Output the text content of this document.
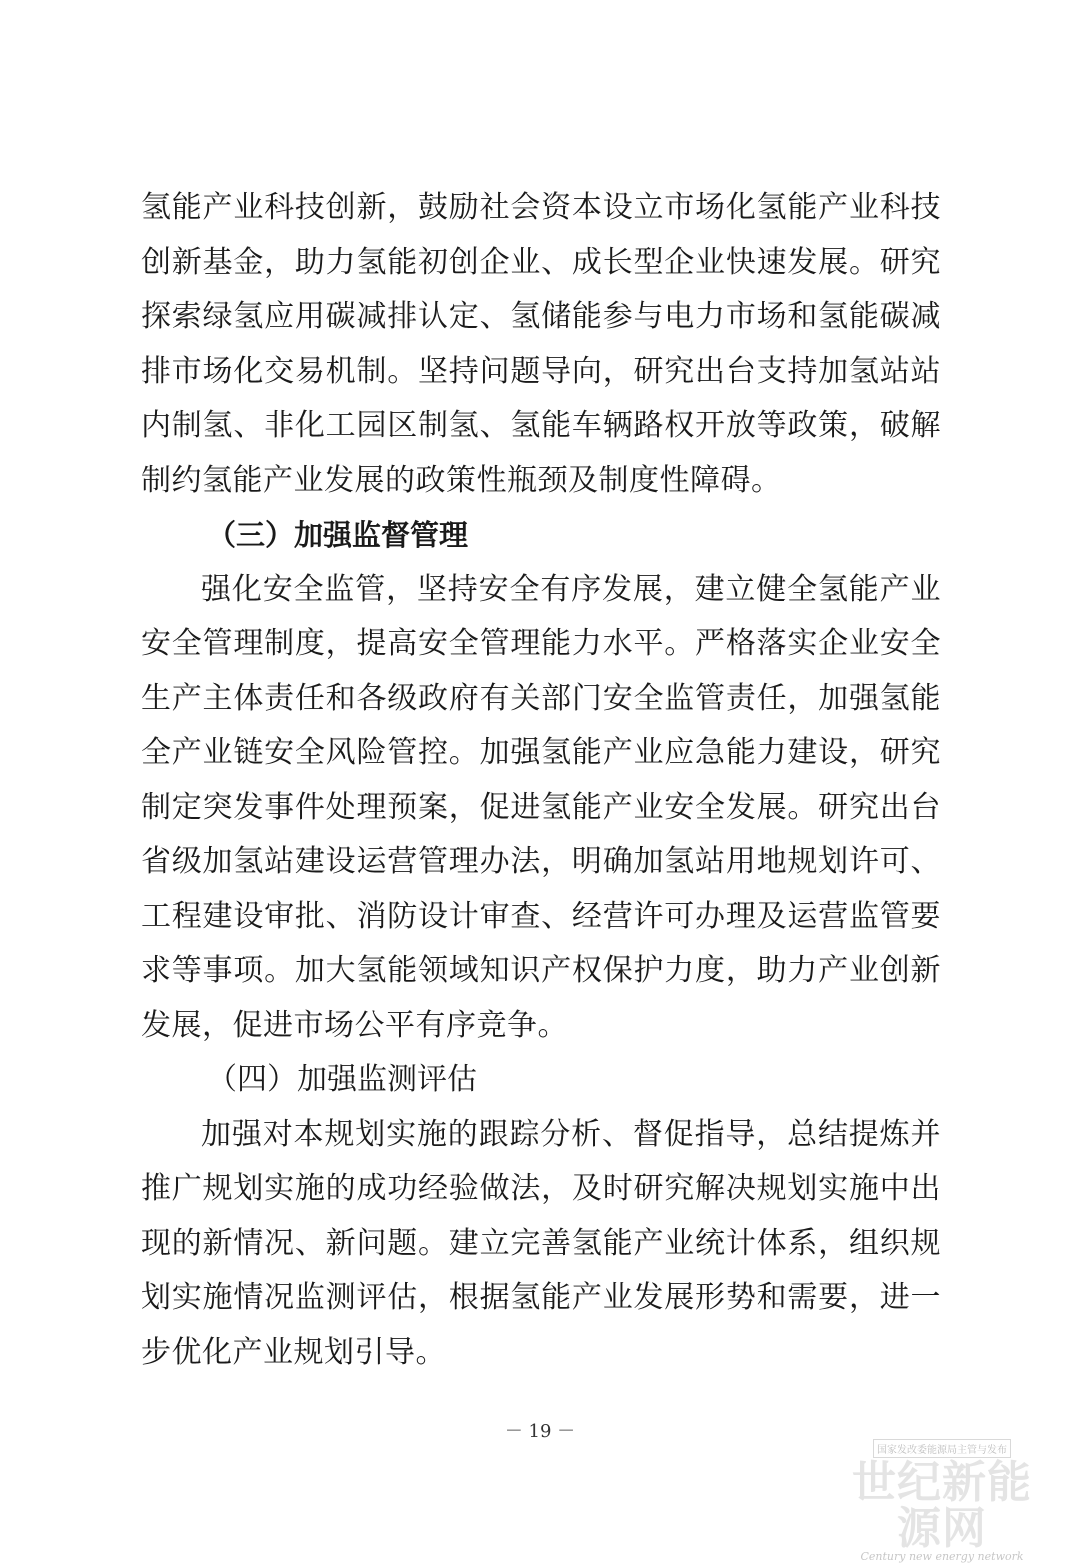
氢能产业科技创新，鼓励社会资本设立市场化氢能产业科技创新基金，助力氢能初创企业、成长型企业快速发展。研究探索绿氢应用碳减排认定、氢储能参与电力市场和氢能碳减排市场化交易机制。坚持问题导向，研究出台支持加氢站站内制氢、非化工园区制氢、氢能车辆路权开放等政策，破解制约氢能产业发展的政策性瓶颈及制度性障碍。

（三）加强监督管理

强化安全监管，坚持安全有序发展，建立健全氢能产业安全管理制度，提高安全管理能力水平。严格落实企业安全生产主体责任和各级政府有关部门安全监管责任，加强氢能全产业链安全风险管控。加强氢能产业应急能力建设，研究制定突发事件处理预案，促进氢能产业安全发展。研究出台省级加氢站建设运营管理办法，明确加氢站用地规划许可、工程建设审批、消防设计审查、经营许可办理及运营监管要求等事项。加大氢能领域知识产权保护力度，助力产业创新发展，促进市场公平有序竞争。

（四）加强监测评估

加强对本规划实施的跟踪分析、督促指导，总结提炼并推广规划实施的成功经验做法，及时研究解决规划实施中出现的新情况、新问题。建立完善氢能产业统计体系，组织规划实施情况监测评估，根据氢能产业发展形势和需要，进一步优化产业规划引导。

－ 19 －
国家发改委能源局主管与发布
世纪新能源网
Century new energy network
